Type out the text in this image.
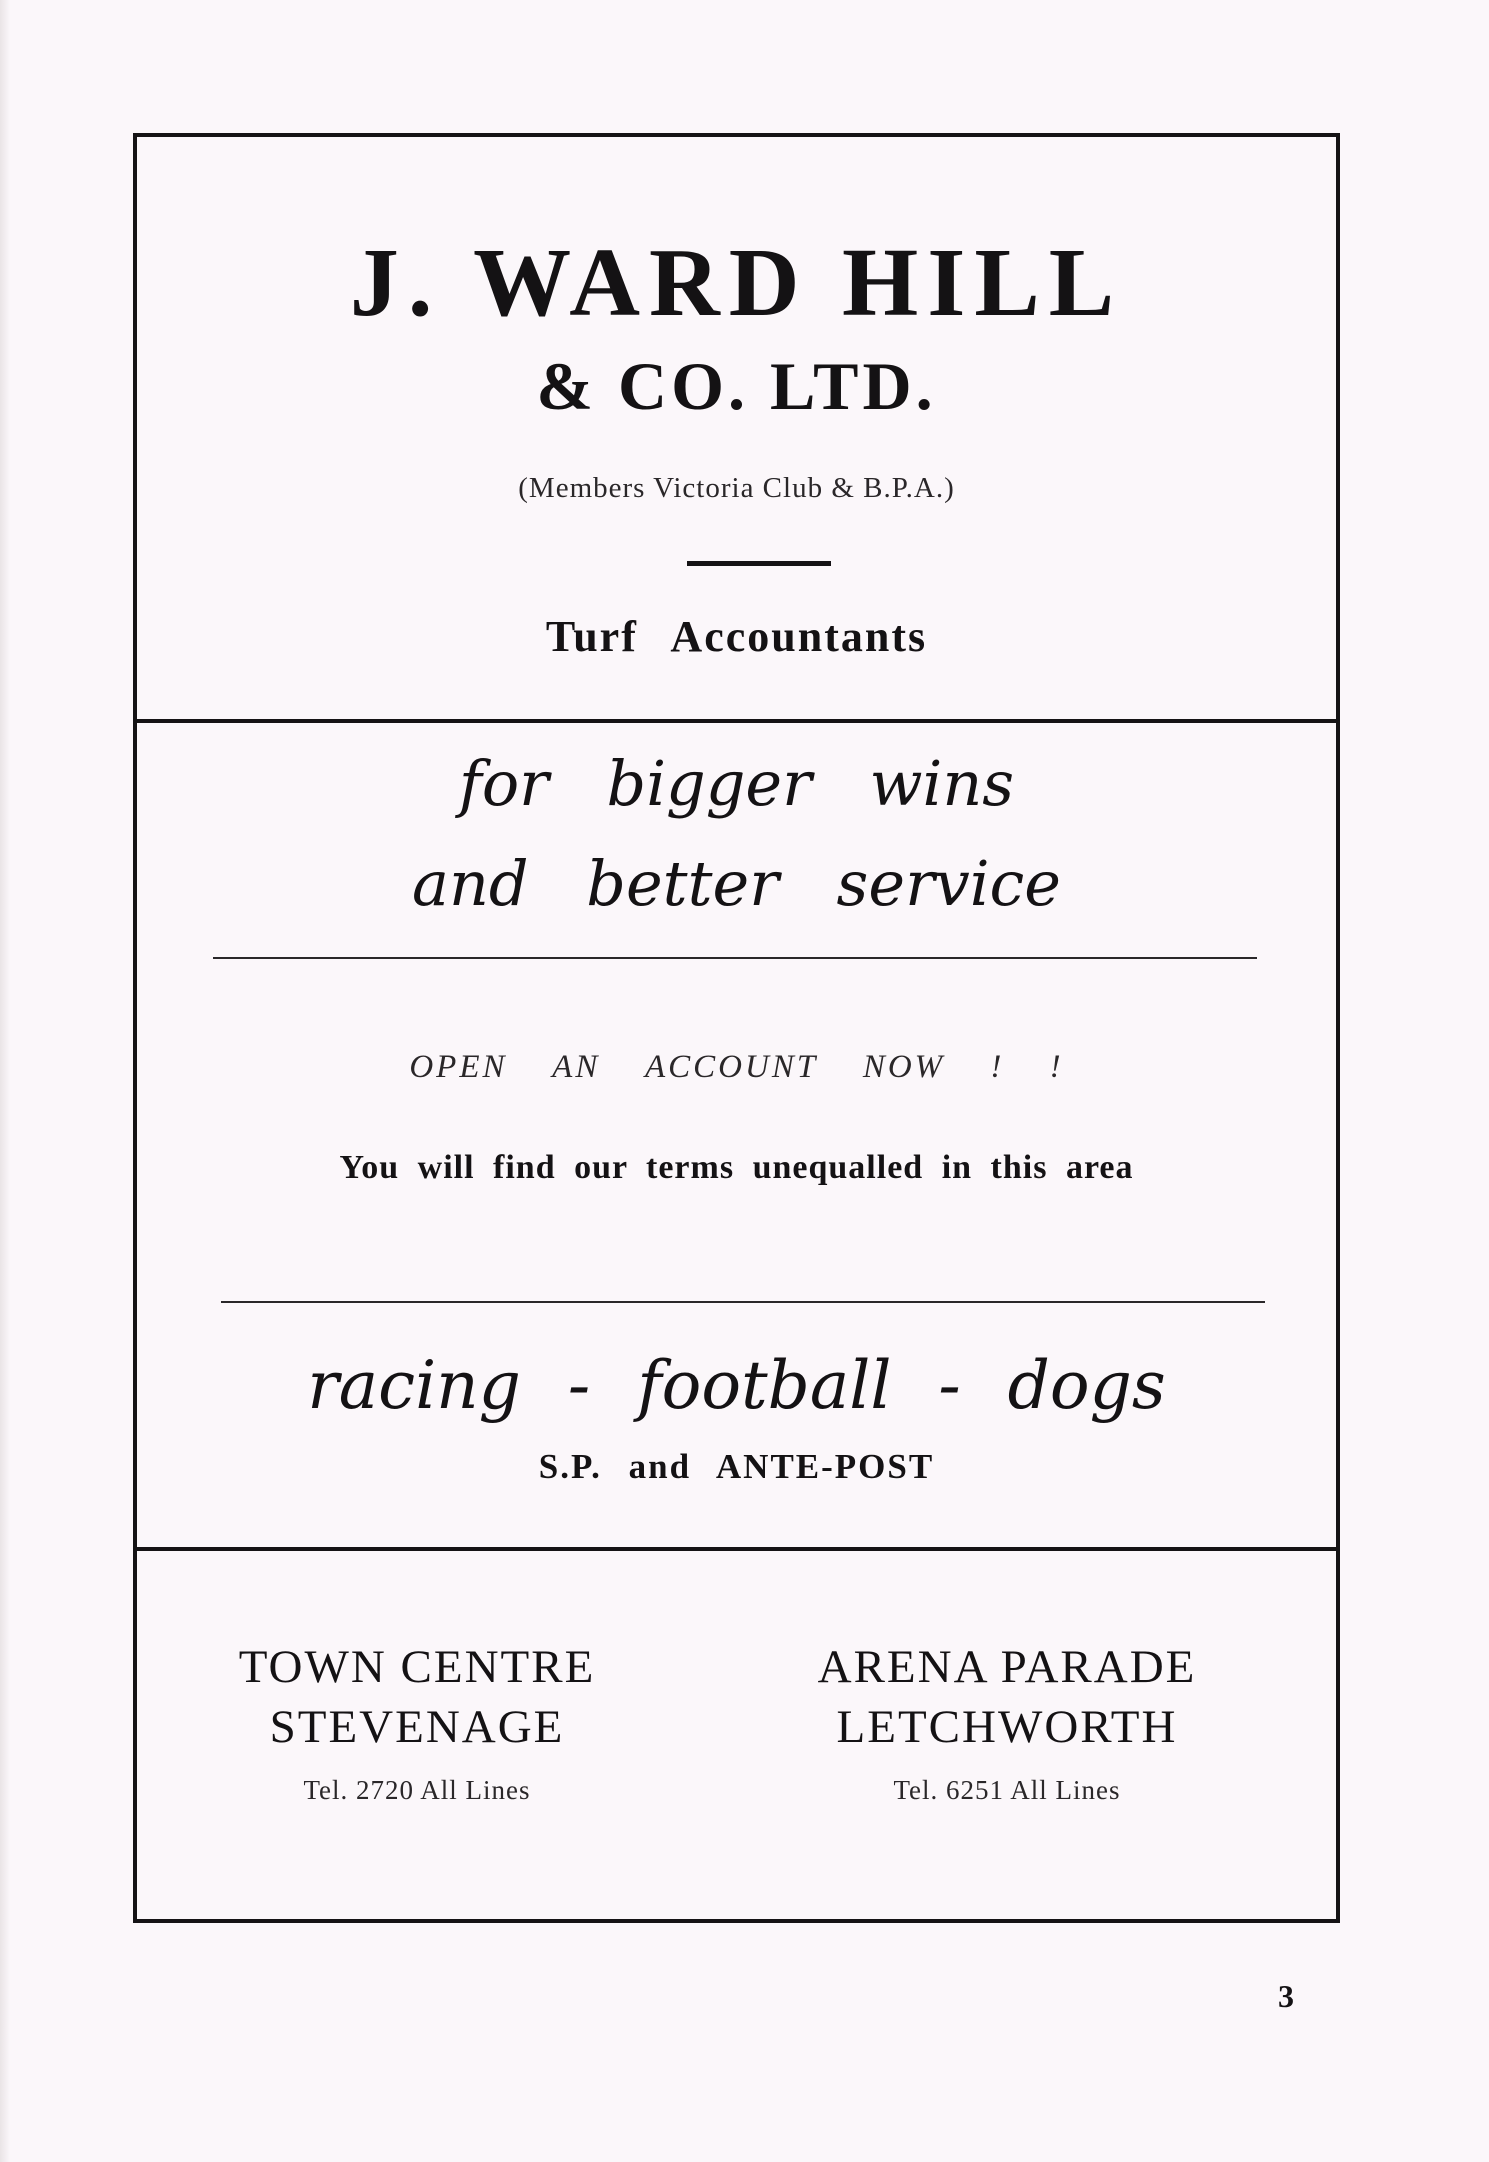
J. WARD HILL
& CO. LTD.
(Members Victoria Club & B.P.A.)
Turf Accountants
for bigger wins
and better service
OPEN AN ACCOUNT NOW ! !
You will find our terms unequalled in this area
racing - football - dogs
S.P. and ANTE-POST
TOWN CENTRE
STEVENAGE
Tel. 2720 All Lines
ARENA PARADE
LETCHWORTH
Tel. 6251 All Lines
3
